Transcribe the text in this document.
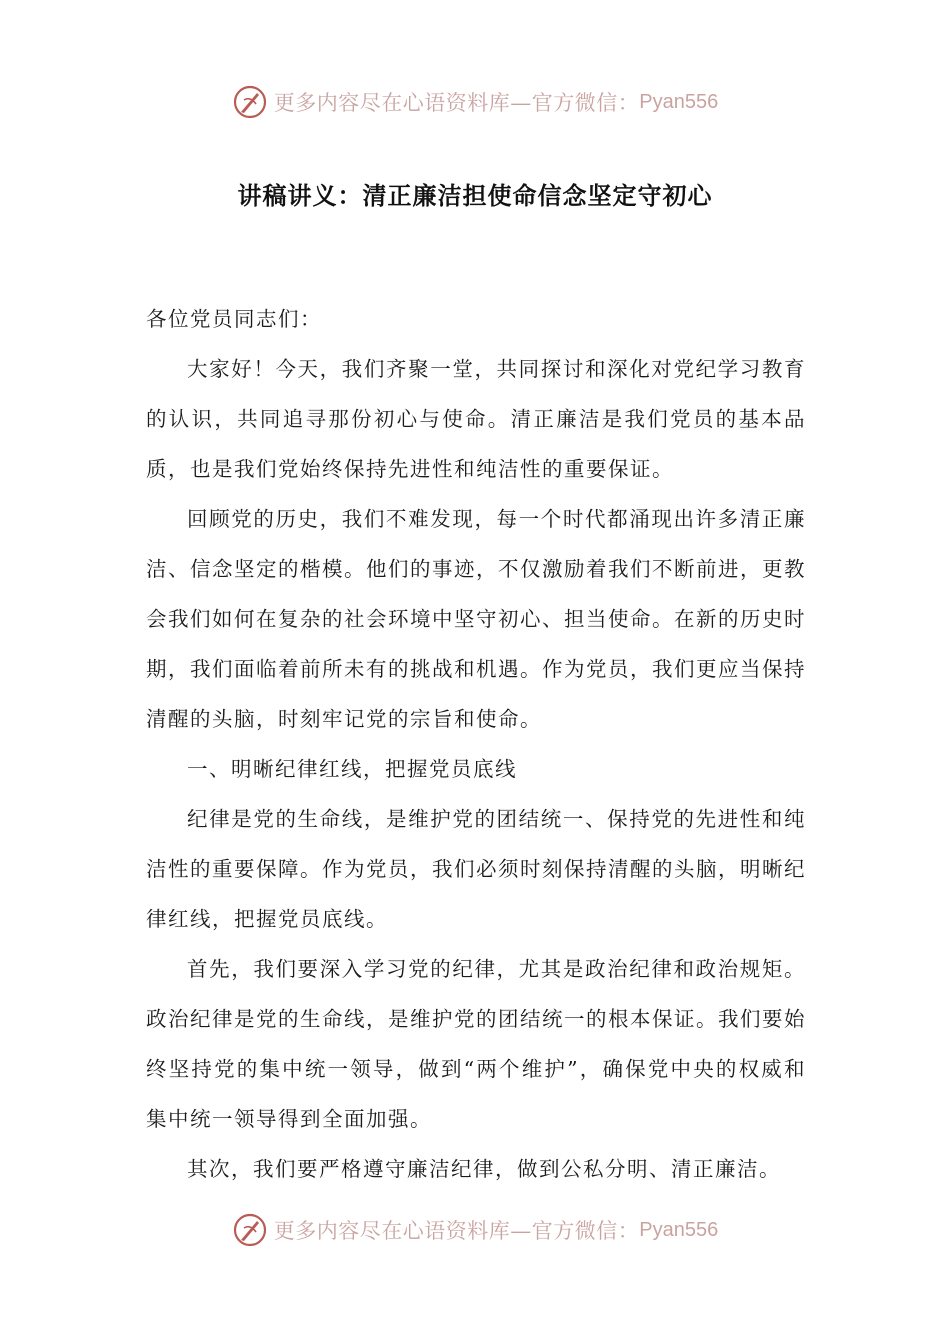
更多内容尽在心语资料库—官方微信： Pyan556
讲稿讲义：清正廉洁担使命信念坚定守初心

各位党员同志们：

大家好！今天，我们齐聚一堂，共同探讨和深化对党纪学习教育的认识，共同追寻那份初心与使命。清正廉洁是我们党员的基本品质，也是我们党始终保持先进性和纯洁性的重要保证。

回顾党的历史，我们不难发现，每一个时代都涌现出许多清正廉洁、信念坚定的楷模。他们的事迹，不仅激励着我们不断前进，更教会我们如何在复杂的社会环境中坚守初心、担当使命。在新的历史时期，我们面临着前所未有的挑战和机遇。作为党员，我们更应当保持清醒的头脑，时刻牢记党的宗旨和使命。

一、明晰纪律红线，把握党员底线

纪律是党的生命线，是维护党的团结统一、保持党的先进性和纯洁性的重要保障。作为党员，我们必须时刻保持清醒的头脑，明晰纪律红线，把握党员底线。

首先，我们要深入学习党的纪律，尤其是政治纪律和政治规矩。政治纪律是党的生命线，是维护党的团结统一的根本保证。我们要始终坚持党的集中统一领导，做到“两个维护”，确保党中央的权威和集中统一领导得到全面加强。

其次，我们要严格遵守廉洁纪律，做到公私分明、清正廉洁。

更多内容尽在心语资料库—官方微信： Pyan556
